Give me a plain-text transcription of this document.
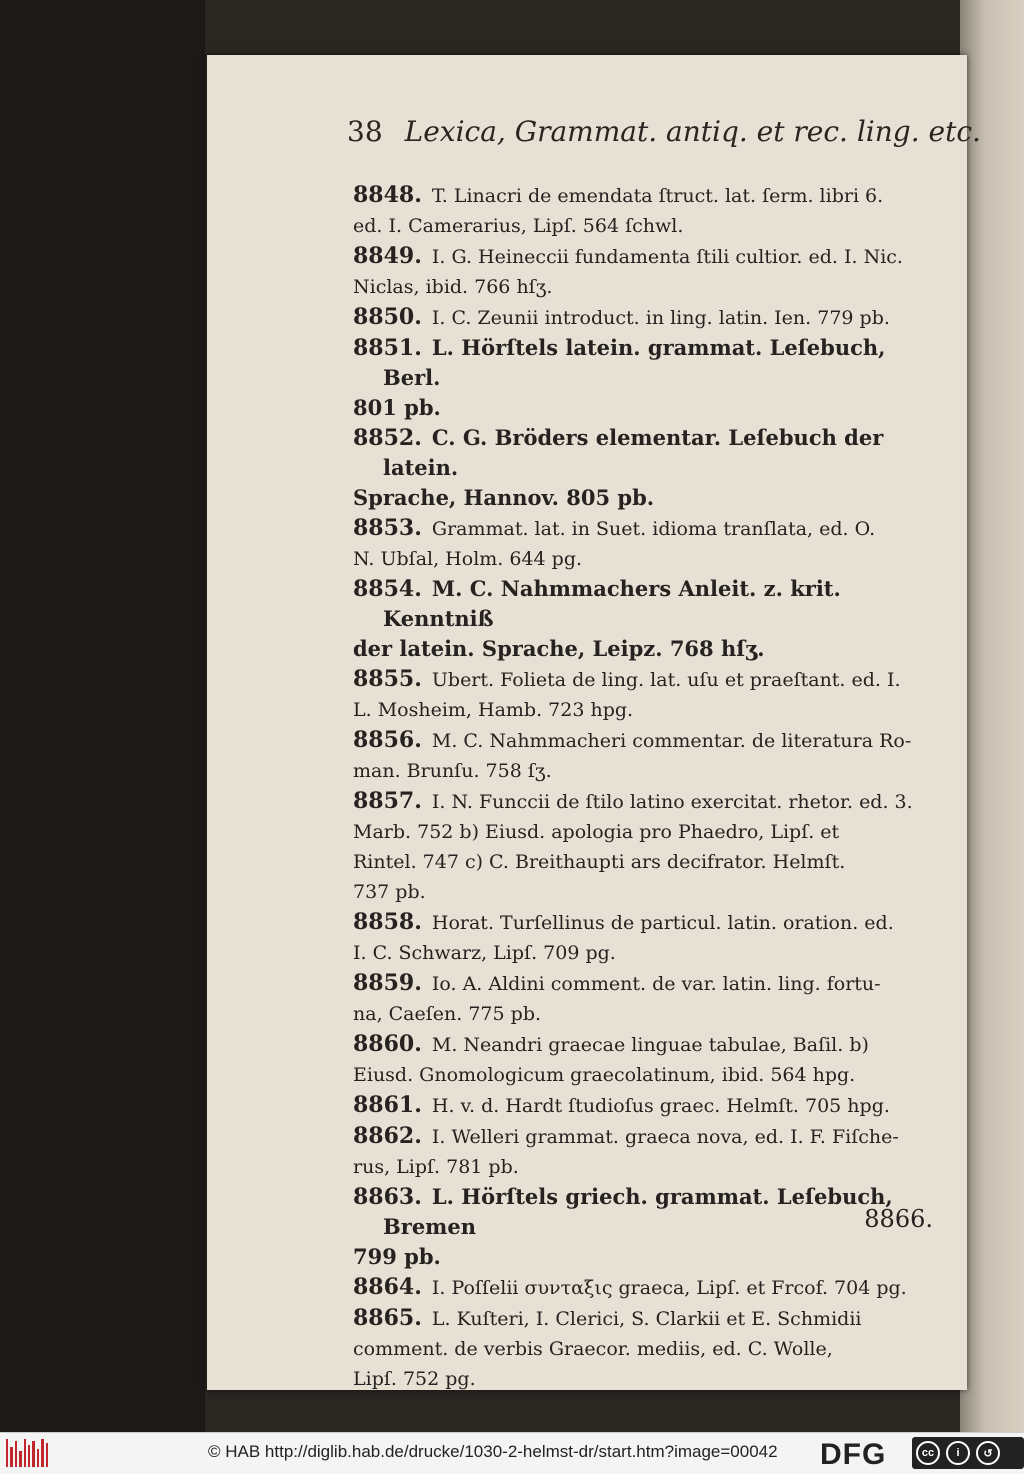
38 Lexica, Grammat. antiq. et rec. ling. etc.
8848. T. Linacri de emendata ſtruct. lat. ſerm. libri 6.
ed. I. Camerarius, Lipſ. 564 ſchwl.
8849. I. G. Heineccii fundamenta ſtili cultior. ed. I. Nic.
Niclas, ibid. 766 hſʒ.
8850. I. C. Zeunii introduct. in ling. latin. Ien. 779 pb.
8851. L. Hörſtels latein. grammat. Leſebuch, Berl.
801 pb.
8852. C. G. Bröders elementar. Leſebuch der latein.
Sprache, Hannov. 805 pb.
8853. Grammat. lat. in Suet. idioma tranſlata, ed. O.
N. Ubſal, Holm. 644 pg.
8854. M. C. Nahmmachers Anleit. z. krit. Kenntniß
der latein. Sprache, Leipz. 768 hſʒ.
8855. Ubert. Folieta de ling. lat. uſu et praeſtant. ed. I.
L. Mosheim, Hamb. 723 hpg.
8856. M. C. Nahmmacheri commentar. de literatura Ro-
man. Brunſu. 758 ſʒ.
8857. I. N. Funccii de ſtilo latino exercitat. rhetor. ed. 3.
Marb. 752 b) Eiusd. apologia pro Phaedro, Lipſ. et
Rintel. 747 c) C. Breithaupti ars decifrator. Helmſt.
737 pb.
8858. Horat. Turſellinus de particul. latin. oration. ed.
I. C. Schwarz, Lipſ. 709 pg.
8859. Io. A. Aldini comment. de var. latin. ling. fortu-
na, Caeſen. 775 pb.
8860. M. Neandri graecae linguae tabulae, Baſil. b)
Eiusd. Gnomologicum graecolatinum, ibid. 564 hpg.
8861. H. v. d. Hardt ſtudioſus graec. Helmſt. 705 hpg.
8862. I. Welleri grammat. graeca nova, ed. I. F. Fiſche-
rus, Lipſ. 781 pb.
8863. L. Hörſtels griech. grammat. Leſebuch, Bremen
799 pb.
8864. I. Poſſelii συνταξις graeca, Lipſ. et Frcof. 704 pg.
8865. L. Kuſteri, I. Clerici, S. Clarkii et E. Schmidii
comment. de verbis Graecor. mediis, ed. C. Wolle,
Lipſ. 752 pg.
8866.
© HAB http://diglib.hab.de/drucke/1030-2-helmst-dr/start.htm?image=00042 DFG	cc	i	↺
